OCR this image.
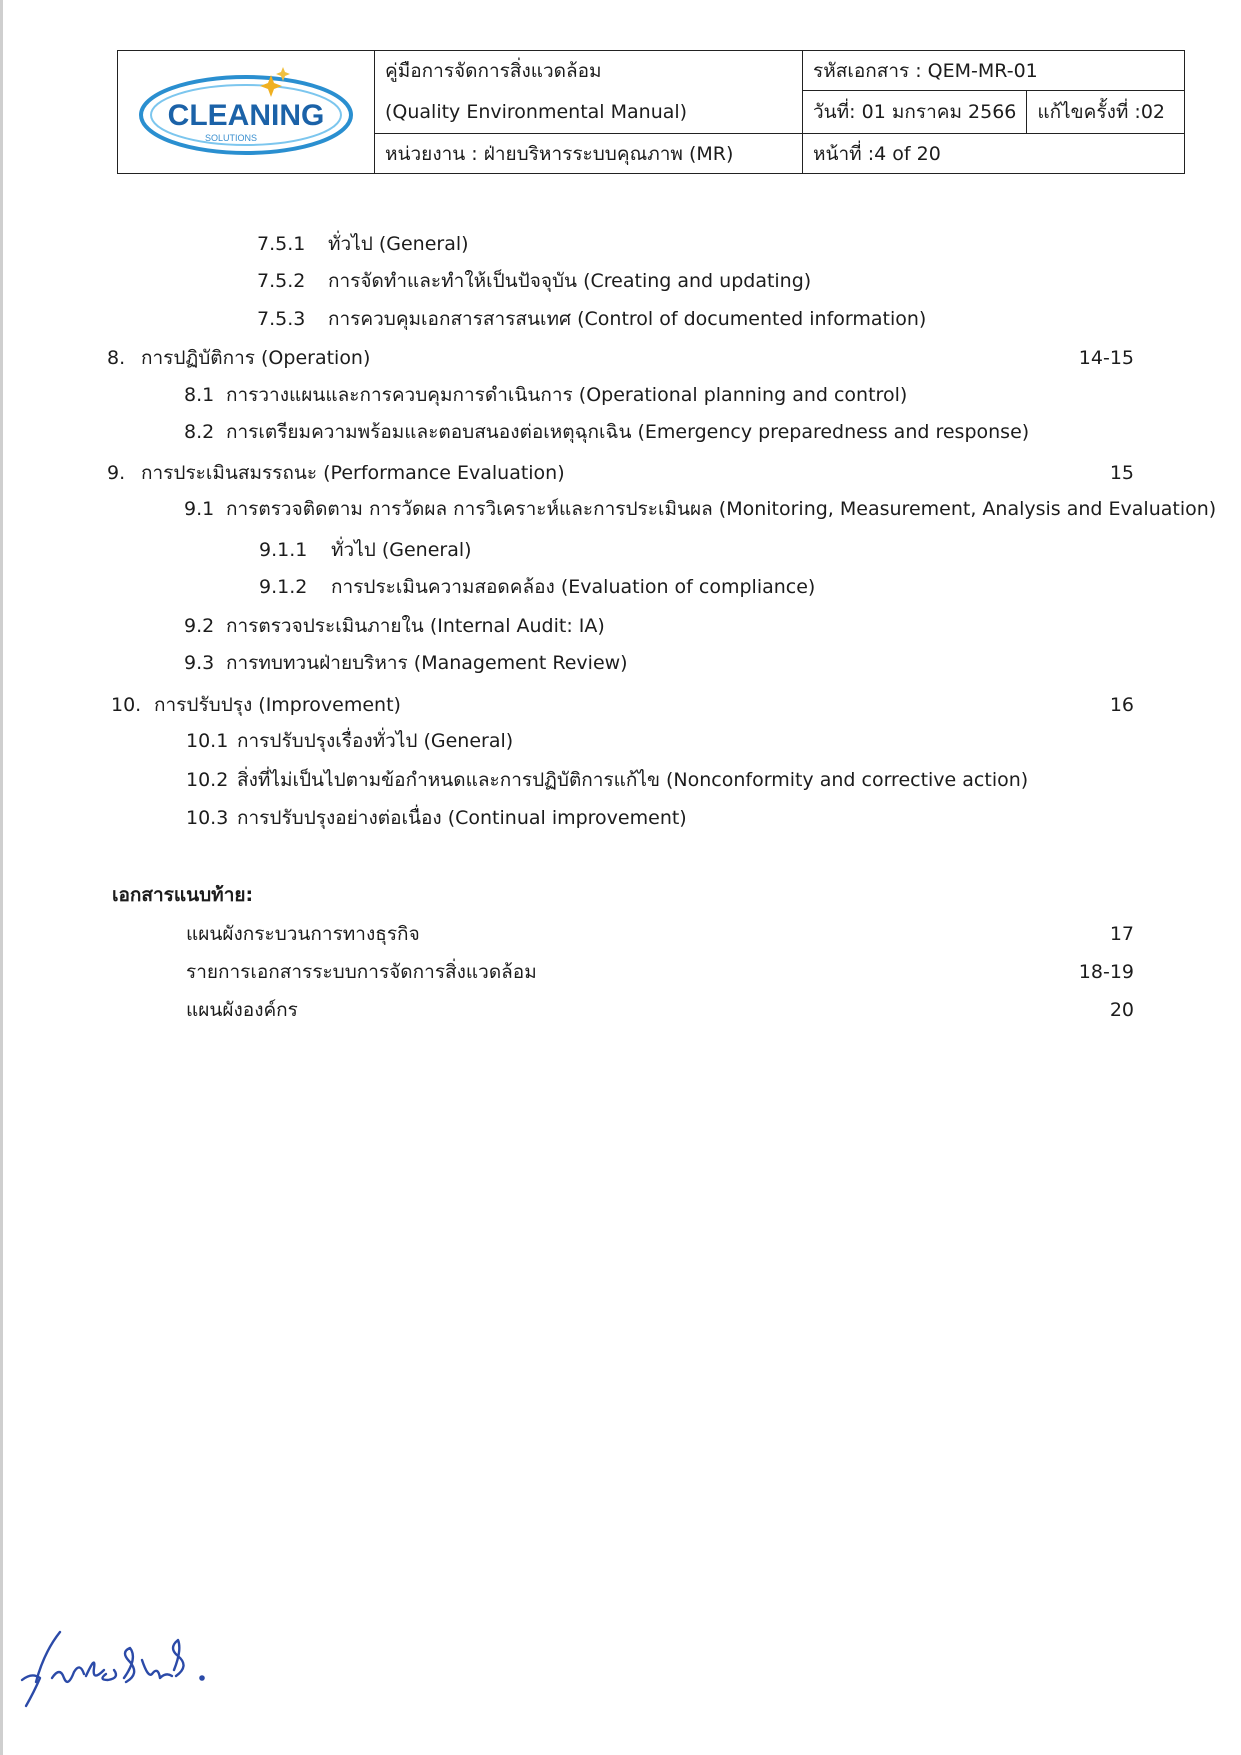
CLEANING
SOLUTIONS	คู่มือการจัดการสิ่งแวดล้อม	รหัสเอกสาร : QEM-MR-01	
	(Quality Environmental Manual)	วันที่: 01 มกราคม 2566	แก้ไขครั้งที่ :02
	หน่วยงาน : ฝ่ายบริหารระบบคุณภาพ (MR)	หน้าที่ :4 of 20	
7.5.1 ทั่วไป (General)
7.5.2 การจัดทำและทำให้เป็นปัจจุบัน (Creating and updating)
7.5.3 การควบคุมเอกสารสารสนเทศ (Control of documented information)
8. การปฏิบัติการ (Operation)	14-15
8.1 การวางแผนและการควบคุมการดำเนินการ (Operational planning and control)
8.2 การเตรียมความพร้อมและตอบสนองต่อเหตุฉุกเฉิน (Emergency preparedness and response)
9. การประเมินสมรรถนะ (Performance Evaluation)	15
9.1 การตรวจติดตาม การวัดผล การวิเคราะห์และการประเมินผล (Monitoring, Measurement, Analysis and Evaluation)
9.1.1 ทั่วไป (General)
9.1.2 การประเมินความสอดคล้อง (Evaluation of compliance)
9.2 การตรวจประเมินภายใน (Internal Audit: IA)
9.3 การทบทวนฝ่ายบริหาร (Management Review)
10. การปรับปรุง (Improvement)	16
10.1 การปรับปรุงเรื่องทั่วไป (General)
10.2 สิ่งที่ไม่เป็นไปตามข้อกำหนดและการปฏิบัติการแก้ไข (Nonconformity and corrective action)
10.3 การปรับปรุงอย่างต่อเนื่อง (Continual improvement)
เอกสารแนบท้าย:
แผนผังกระบวนการทางธุรกิจ	17
รายการเอกสารระบบการจัดการสิ่งแวดล้อม	18-19
แผนผังองค์กร	20
